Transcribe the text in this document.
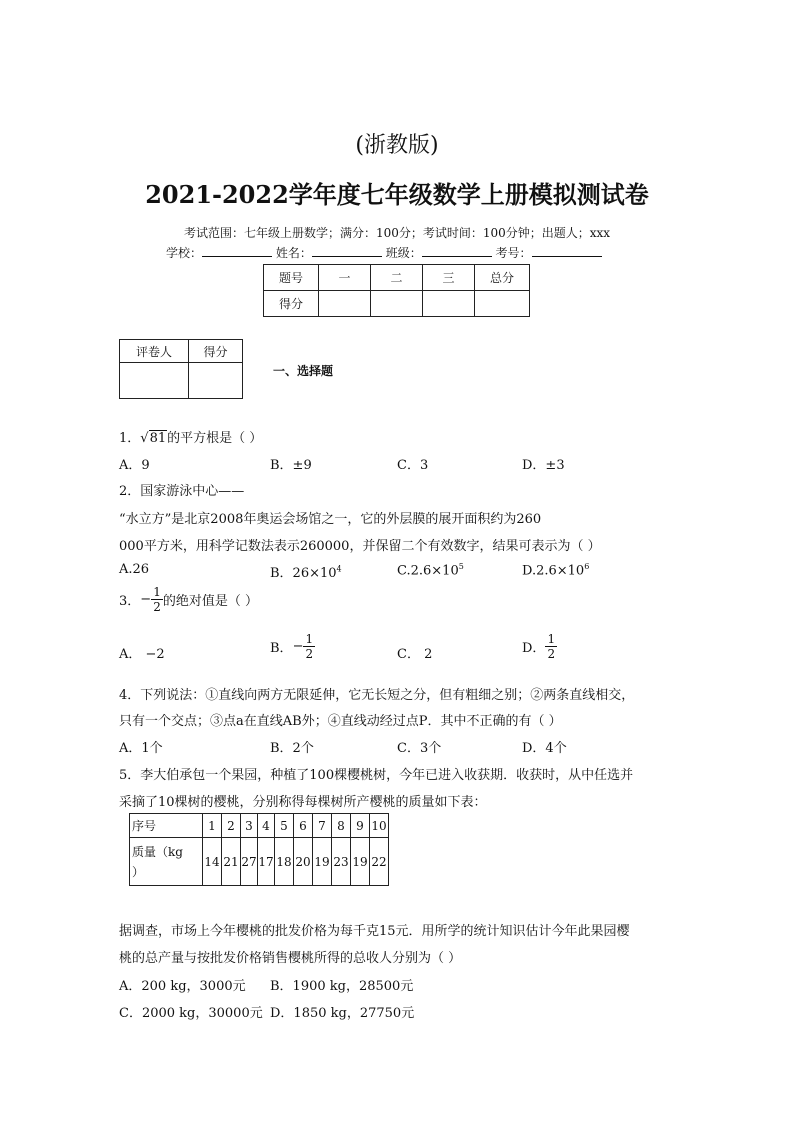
(浙教版)
2021-2022学年度七年级数学上册模拟测试卷
考试范围：七年级上册数学；满分：100分；考试时间：100分钟；出题人；xxx
学校：	姓名：	班级：	考号：
题号	一	二	三	总分
得分				
评卷人	得分

一、选择题
1．√81的平方根是（ ）
A．9	B．±9	C．3	D．±3
2．国家游泳中心——
“水立方”是北京2008年奥运会场馆之一，它的外层膜的展开面积约为260
000平方米，用科学记数法表示260000，并保留二个有效数字，结果可表示为（ ）
A.26	B．$26\times 10^4$	$C.2.6\times 10^5$	$D.2.6\times 10^6$
3． − $\frac{1}{2}$ 的绝对值是（ ）
A． −2	B． − $\frac{1}{2}$	C． 2	D． $\frac{1}{2}$
4．下列说法：①直线向两方无限延伸，它无长短之分，但有粗细之别；②两条直线相交，
只有一个交点；③点a在直线AB外；④直线动经过点P．其中不正确的有（ ）
A．1个	B．2个	C．3个	D．4个
5．李大伯承包一个果园，种植了100棵樱桃树，今年已进入收获期．收获时，从中任选并
采摘了10棵树的樱桃，分别称得每棵树所产樱桃的质量如下表：
序号	1	2	3	4	5	6	7	8	9	10
质量（kg
）	14	21	27	17	18	20	19	23	19	22
据调查，市场上今年樱桃的批发价格为每千克15元．用所学的统计知识估计今年此果园樱
桃的总产量与按批发价格销售樱桃所得的总收人分别为（ ）
A．200 kg，3000元 B．1900 kg，28500元
C．2000 kg，30000元 D．1850 kg，27750元
